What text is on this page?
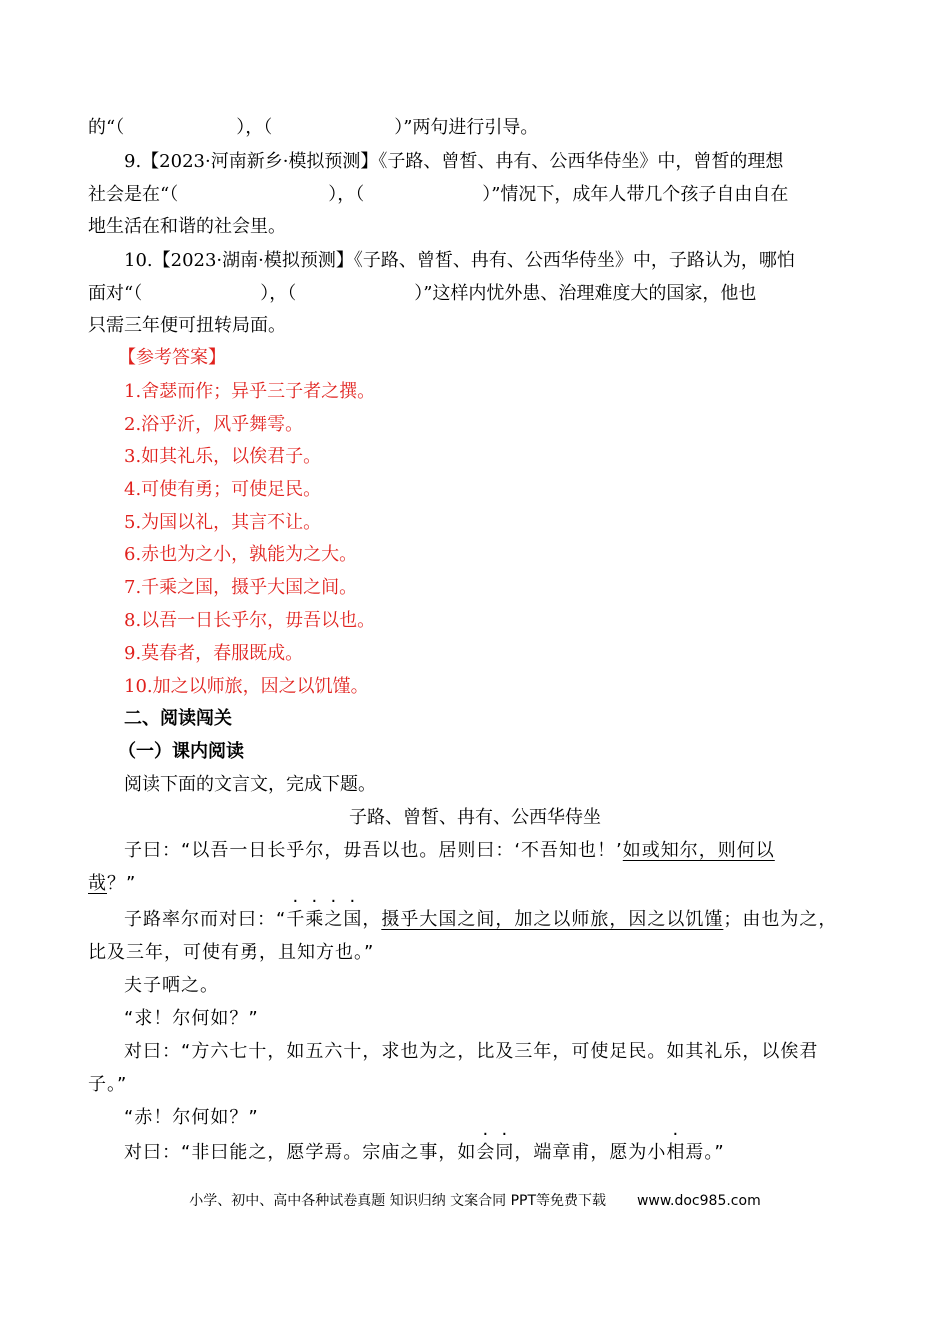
的“（	），（	）”两句进行引导。
9.【2023·河南新乡·模拟预测】《子路、曾皙、冉有、公西华侍坐》中，曾皙的理想
社会是在“（	），（	）”情况下，成年人带几个孩子自由自在
地生活在和谐的社会里。
10.【2023·湖南·模拟预测】《子路、曾皙、冉有、公西华侍坐》中，子路认为，哪怕
面对“（	），（	）”这样内忧外患、治理难度大的国家，他也
只需三年便可扭转局面。
【参考答案】
1.舍瑟而作；异乎三子者之撰。
2.浴乎沂，风乎舞雩。
3.如其礼乐，以俟君子。
4.可使有勇；可使足民。
5.为国以礼，其言不让。
6.赤也为之小，孰能为之大。
7.千乘之国，摄乎大国之间。
8.以吾一日长乎尔，毋吾以也。
9.莫春者，春服既成。
10.加之以师旅，因之以饥馑。
二、阅读闯关
（一）课内阅读
阅读下面的文言文，完成下题。
子路、曾皙、冉有、公西华侍坐
子曰：“以吾一日长乎尔，毋吾以也。居则曰：‘不吾知也！’如或知尔，则何以
哉？”
子路率尔而对曰：“千乘之国，摄乎大国之间，加之以师旅，因之以饥馑；由也为之，
比及三年，可使有勇，且知方也。”
夫子哂之。
“求！尔何如？”
对曰：“方六七十，如五六十，求也为之，比及三年，可使足民。如其礼乐，以俟君
子。”
“赤！尔何如？”
对曰：“非曰能之，愿学焉。宗庙之事，如会同，端章甫，愿为小相焉。”
小学、初中、高中各种试卷真题 知识归纳 文案合同 PPT等免费下载 www.doc985.com
